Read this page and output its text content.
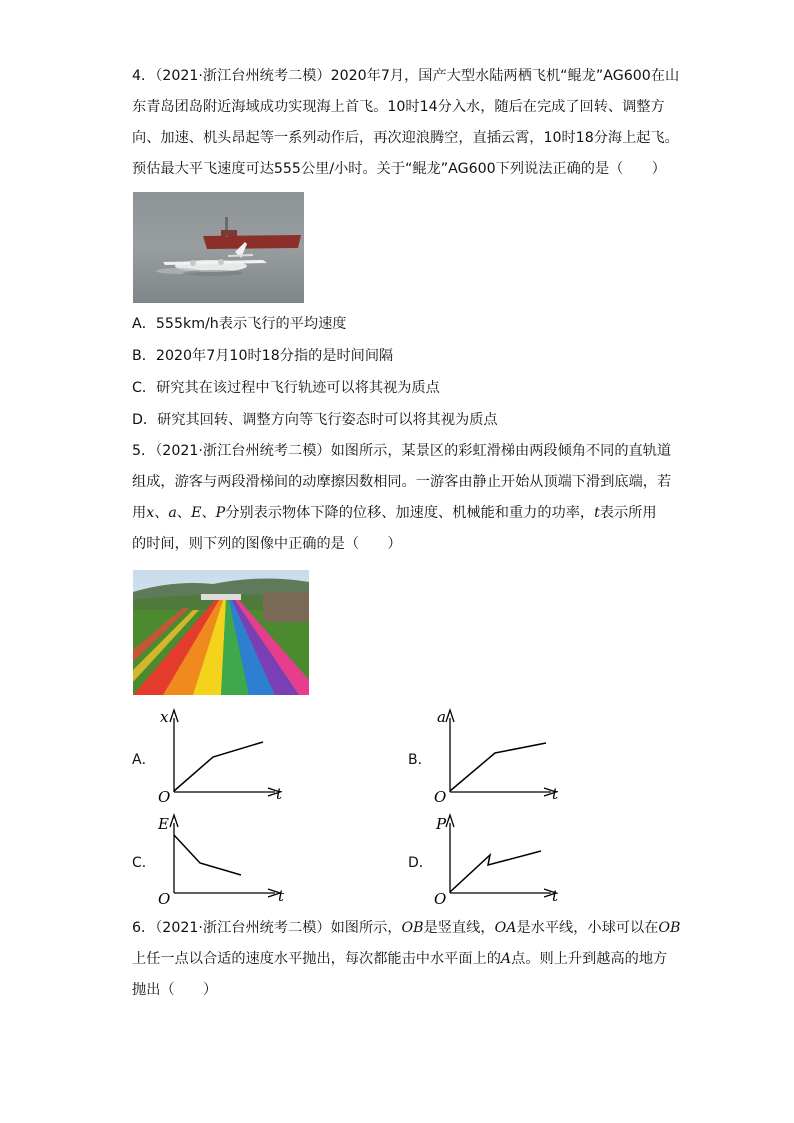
4．（2021·浙江台州统考二模）2020年7月，国产大型水陆两栖飞机“鲲龙”AG600在山
东青岛团岛附近海域成功实现海上首飞。10时14分入水，随后在完成了回转、调整方
向、加速、机头昂起等一系列动作后，再次迎浪腾空，直插云霄，10时18分海上起飞。
预估最大平飞速度可达555公里/小时。关于“鲲龙”AG600下列说法正确的是（　　）
A．555km/h表示飞行的平均速度
B．2020年7月10时18分指的是时间间隔
C．研究其在该过程中飞行轨迹可以将其视为质点
D．研究其回转、调整方向等飞行姿态时可以将其视为质点
5．（2021·浙江台州统考二模）如图所示，某景区的彩虹滑梯由两段倾角不同的直轨道
组成，游客与两段滑梯间的动摩擦因数相同。一游客由静止开始从顶端下滑到底端，若
用x、a、E、P分别表示物体下降的位移、加速度、机械能和重力的功率，t表示所用
的时间，则下列的图像中正确的是（　　）
A．
x
O	t
B．
a
O	t
C．
E
O	t
D．
P
O	t
6．（2021·浙江台州统考二模）如图所示，OB是竖直线，OA是水平线，小球可以在OB
上任一点以合适的速度水平抛出，每次都能击中水平面上的A点。则上升到越高的地方
抛出（　　）
